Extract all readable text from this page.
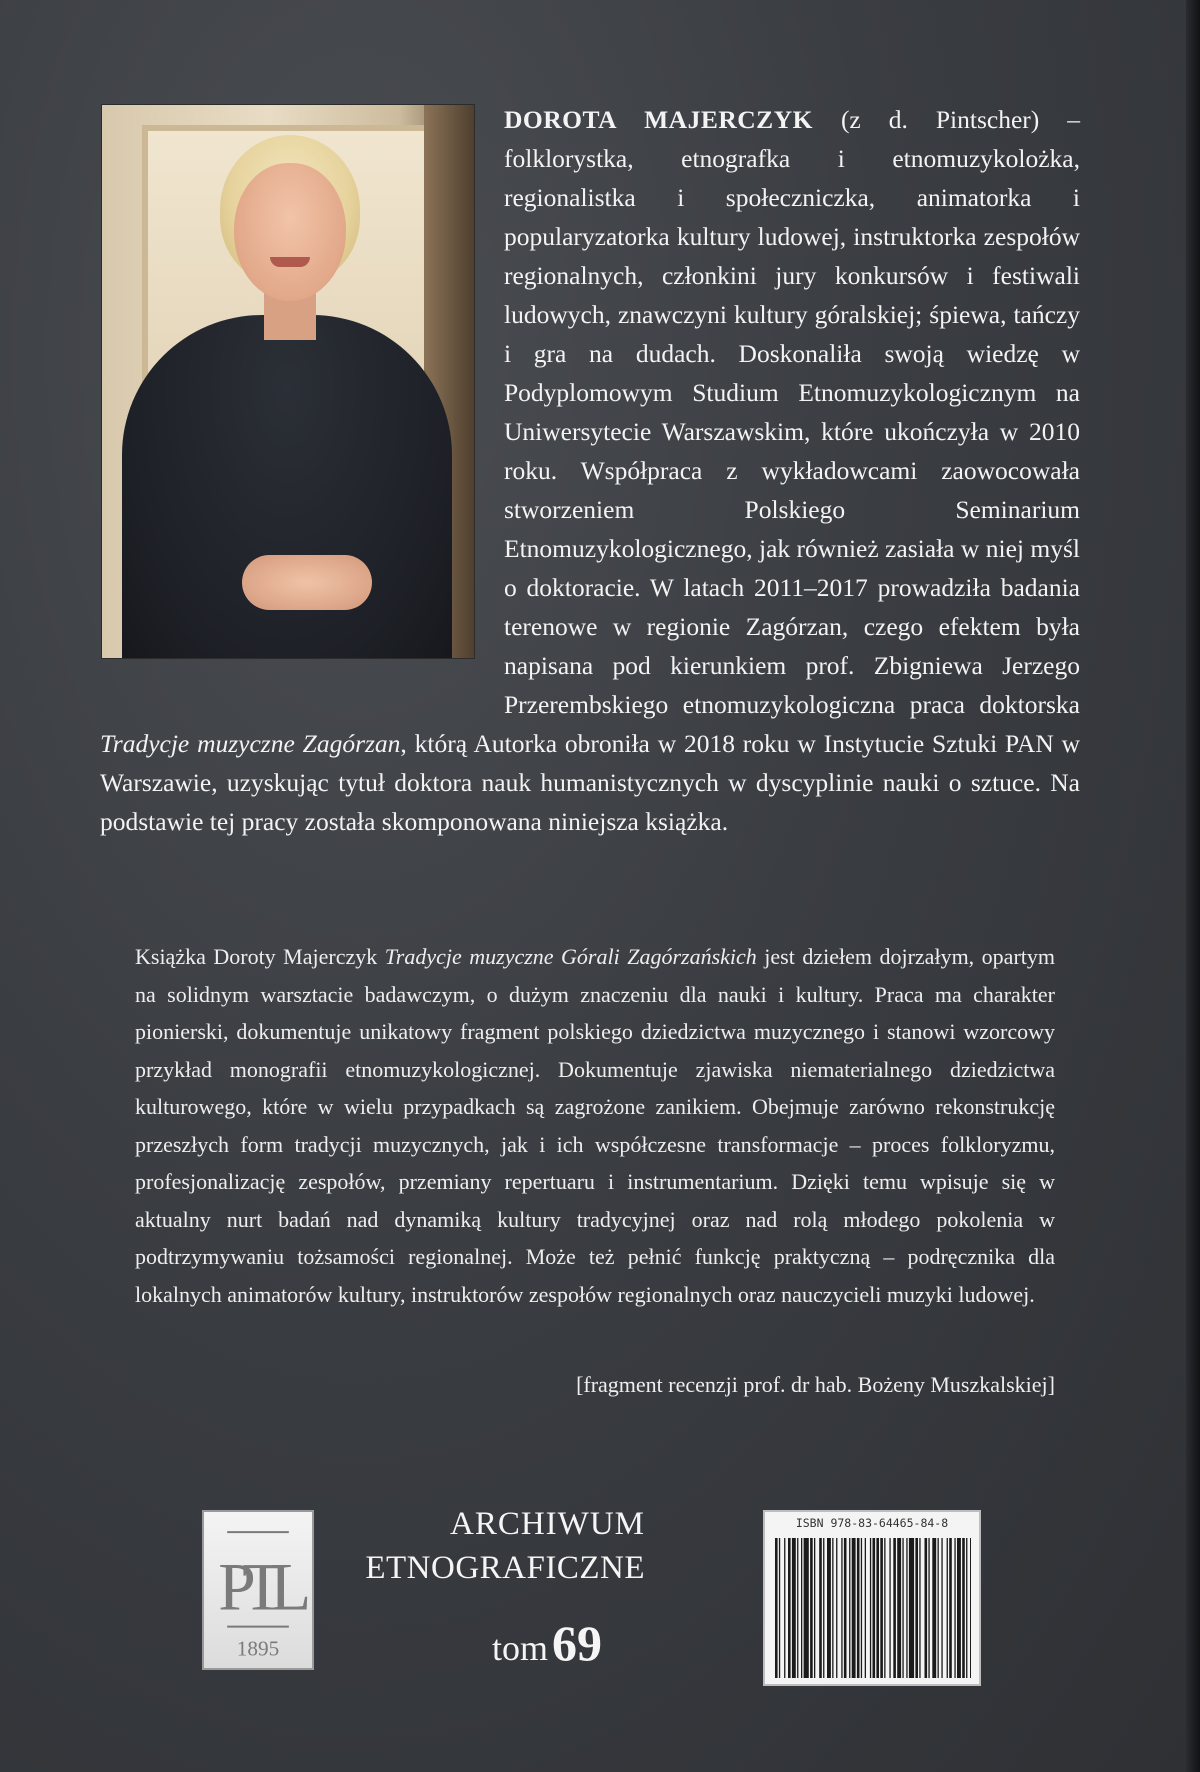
DOROTA MAJERCZYK (z d. Pintscher) – folklorystka, etnografka i etnomuzykolożka, regionalistka i społeczniczka, animatorka i popularyzatorka kultury ludowej, instruktorka zespołów regionalnych, członkini jury konkursów i festiwali ludowych, znawczyni kultury góralskiej; śpiewa, tańczy i gra na dudach. Doskonaliła swoją wiedzę w Podyplomowym Studium Etnomuzykologicznym na Uniwersytecie Warszawskim, które ukończyła w 2010 roku. Współpraca z wykładowcami zaowocowała stworzeniem Polskiego Seminarium Etnomuzykologicznego, jak również zasiała w niej myśl o doktoracie. W latach 2011–2017 prowadziła badania terenowe w regionie Zagórzan, czego efektem była napisana pod kierunkiem prof. Zbigniewa Jerzego Przerembskiego etnomuzykologiczna praca doktorska Tradycje muzyczne Zagórzan, którą Autorka obroniła w 2018 roku w Instytucie Sztuki PAN w Warszawie, uzyskując tytuł doktora nauk humanistycznych w dyscyplinie nauki o sztuce. Na podstawie tej pracy została skomponowana niniejsza książka.
Książka Doroty Majerczyk Tradycje muzyczne Górali Zagórzańskich jest dziełem dojrzałym, opartym na solidnym warsztacie badawczym, o dużym znaczeniu dla nauki i kultury. Praca ma charakter pionierski, dokumentuje unikatowy fragment polskiego dziedzictwa muzycznego i stanowi wzorcowy przykład monografii etnomuzykologicznej. Dokumentuje zjawiska niematerialnego dziedzictwa kulturowego, które w wielu przypadkach są zagrożone zanikiem. Obejmuje zarówno rekonstrukcję przeszłych form tradycji muzycznych, jak i ich współczesne transformacje – proces folkloryzmu, profesjonalizację zespołów, przemiany repertuaru i instrumentarium. Dzięki temu wpisuje się w aktualny nurt badań nad dynamiką kultury tradycyjnej oraz nad rolą młodego pokolenia w podtrzymywaniu tożsamości regionalnej. Może też pełnić funkcję praktyczną – podręcznika dla lokalnych animatorów kultury, instruktorów zespołów regionalnych oraz nauczycieli muzyki ludowej.
[fragment recenzji prof. dr hab. Bożeny Muszkalskiej]
PTL
1895
ARCHIWUM
ETNOGRAFICZNE
tom 69
ISBN 978-83-64465-84-8
